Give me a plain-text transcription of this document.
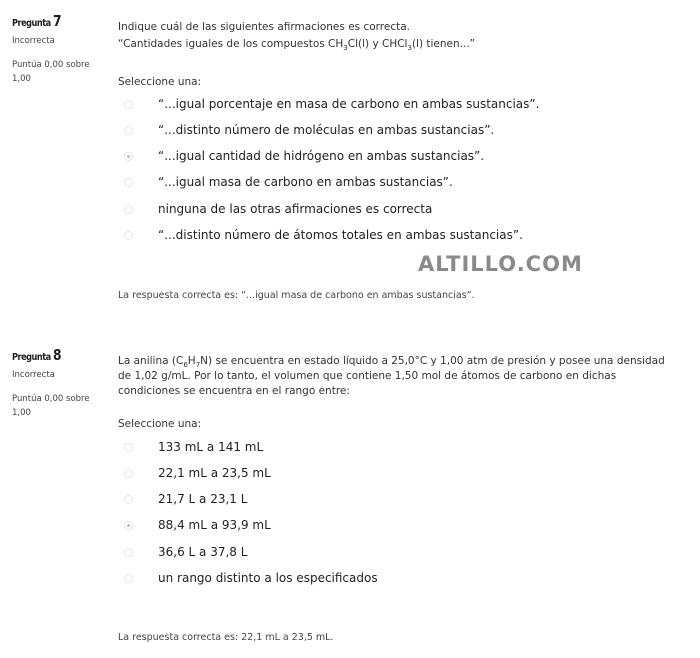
Pregunta 7
Incorrecta
Puntúa 0,00 sobre 1,00
Indique cuál de las siguientes afirmaciones es correcta.
“Cantidades iguales de los compuestos $CH_3Cl(l)$ y CHCl$_3$(l) tienen...”
Seleccione una:
“...igual porcentaje en masa de carbono en ambas sustancias”.
“...distinto número de moléculas en ambas sustancias”.
“...igual cantidad de hidrógeno en ambas sustancias”.
“...igual masa de carbono en ambas sustancias”.
ninguna de las otras afirmaciones es correcta
“...distinto número de átomos totales en ambas sustancias”.
La respuesta correcta es: “...igual masa de carbono en ambas sustancias”.
ALTILLO.COM
Pregunta 8
Incorrecta
Puntúa 0,00 sobre 1,00
La anilina $(C_6H_7N)$ se encuentra en estado líquido a 25,0°C y 1,00 atm de presión y posee una densidad de 1,02 g/mL. Por lo tanto, el volumen que contiene 1,50 mol de átomos de carbono en dichas condiciones se encuentra en el rango entre:
Seleccione una:
133 mL a 141 mL
22,1 mL a 23,5 mL
21,7 L a 23,1 L
88,4 mL a 93,9 mL
36,6 L a 37,8 L
un rango distinto a los especificados
La respuesta correcta es: 22,1 mL a 23,5 mL.
